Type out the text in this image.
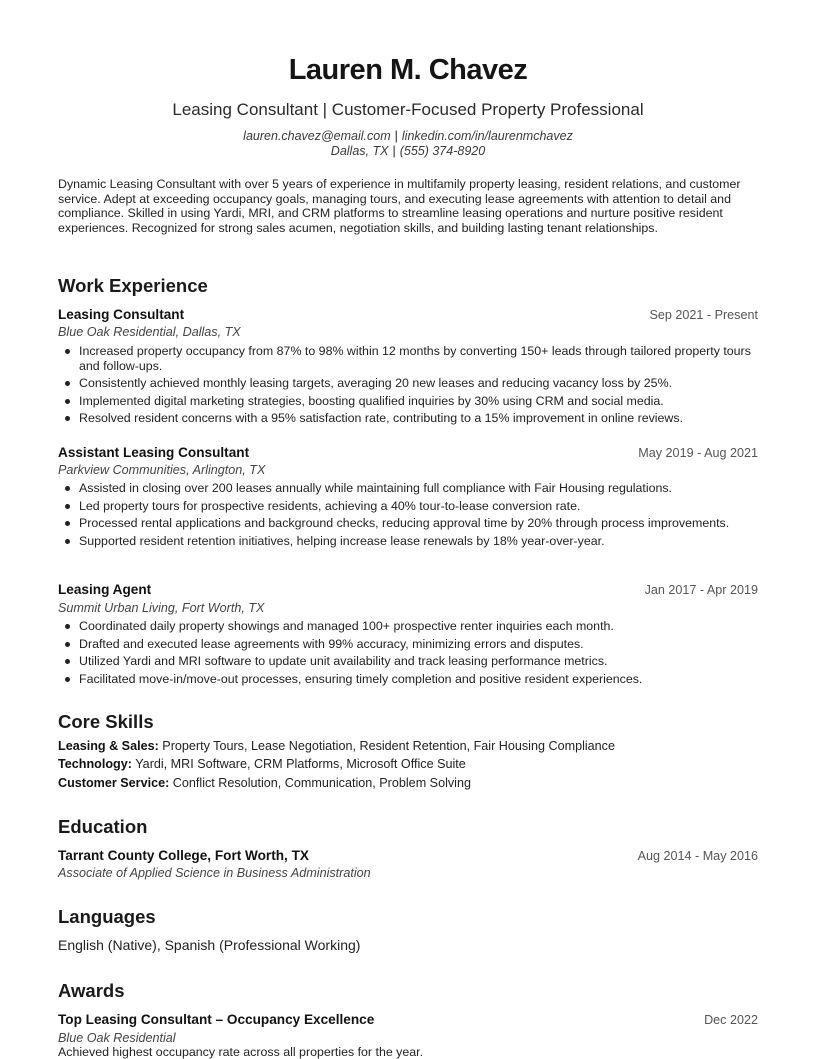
Lauren M. Chavez
Leasing Consultant | Customer-Focused Property Professional
lauren.chavez@email.com | linkedin.com/in/laurenmchavez
Dallas, TX | (555) 374-8920
Dynamic Leasing Consultant with over 5 years of experience in multifamily property leasing, resident relations, and customer service. Adept at exceeding occupancy goals, managing tours, and executing lease agreements with attention to detail and compliance. Skilled in using Yardi, MRI, and CRM platforms to streamline leasing operations and nurture positive resident experiences. Recognized for strong sales acumen, negotiation skills, and building lasting tenant relationships.
Work Experience
Leasing Consultant	Sep 2021 - Present
Blue Oak Residential, Dallas, TX
Increased property occupancy from 87% to 98% within 12 months by converting 150+ leads through tailored property tours and follow-ups.
Consistently achieved monthly leasing targets, averaging 20 new leases and reducing vacancy loss by 25%.
Implemented digital marketing strategies, boosting qualified inquiries by 30% using CRM and social media.
Resolved resident concerns with a 95% satisfaction rate, contributing to a 15% improvement in online reviews.
Assistant Leasing Consultant	May 2019 - Aug 2021
Parkview Communities, Arlington, TX
Assisted in closing over 200 leases annually while maintaining full compliance with Fair Housing regulations.
Led property tours for prospective residents, achieving a 40% tour-to-lease conversion rate.
Processed rental applications and background checks, reducing approval time by 20% through process improvements.
Supported resident retention initiatives, helping increase lease renewals by 18% year-over-year.
Leasing Agent	Jan 2017 - Apr 2019
Summit Urban Living, Fort Worth, TX
Coordinated daily property showings and managed 100+ prospective renter inquiries each month.
Drafted and executed lease agreements with 99% accuracy, minimizing errors and disputes.
Utilized Yardi and MRI software to update unit availability and track leasing performance metrics.
Facilitated move-in/move-out processes, ensuring timely completion and positive resident experiences.
Core Skills
Leasing & Sales: Property Tours, Lease Negotiation, Resident Retention, Fair Housing Compliance
Technology: Yardi, MRI Software, CRM Platforms, Microsoft Office Suite
Customer Service: Conflict Resolution, Communication, Problem Solving
Education
Tarrant County College, Fort Worth, TX	Aug 2014 - May 2016
Associate of Applied Science in Business Administration
Languages
English (Native), Spanish (Professional Working)
Awards
Top Leasing Consultant – Occupancy Excellence	Dec 2022
Blue Oak Residential
Achieved highest occupancy rate across all properties for the year.
